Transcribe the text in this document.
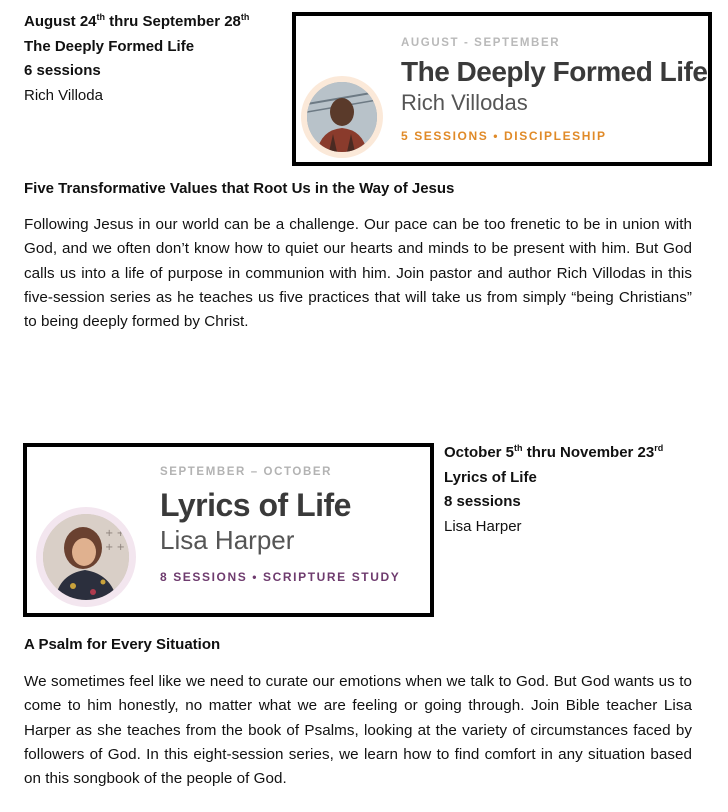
August 24th thru September 28th
The Deeply Formed Life
6 sessions
Rich Villoda
AUGUST - SEPTEMBER
The Deeply Formed Life
Rich Villodas
5 SESSIONS • DISCIPLESHIP
Five Transformative Values that Root Us in the Way of Jesus
Following Jesus in our world can be a challenge. Our pace can be too frenetic to be in union with God, and we often don’t know how to quiet our hearts and minds to be present with him. But God calls us into a life of purpose in communion with him. Join pastor and author Rich Villodas in this five-session series as he teaches us five practices that will take us from simply “being Christians” to being deeply formed by Christ.
+ +
+ +
SEPTEMBER – OCTOBER
Lyrics of Life
Lisa Harper
8 SESSIONS • SCRIPTURE STUDY
October 5th thru November 23rd
Lyrics of Life
8 sessions
Lisa Harper
A Psalm for Every Situation
We sometimes feel like we need to curate our emotions when we talk to God. But God wants us to come to him honestly, no matter what we are feeling or going through. Join Bible teacher Lisa Harper as she teaches from the book of Psalms, looking at the variety of circumstances faced by followers of God. In this eight-session series, we learn how to find comfort in any situation based on this songbook of the people of God.
